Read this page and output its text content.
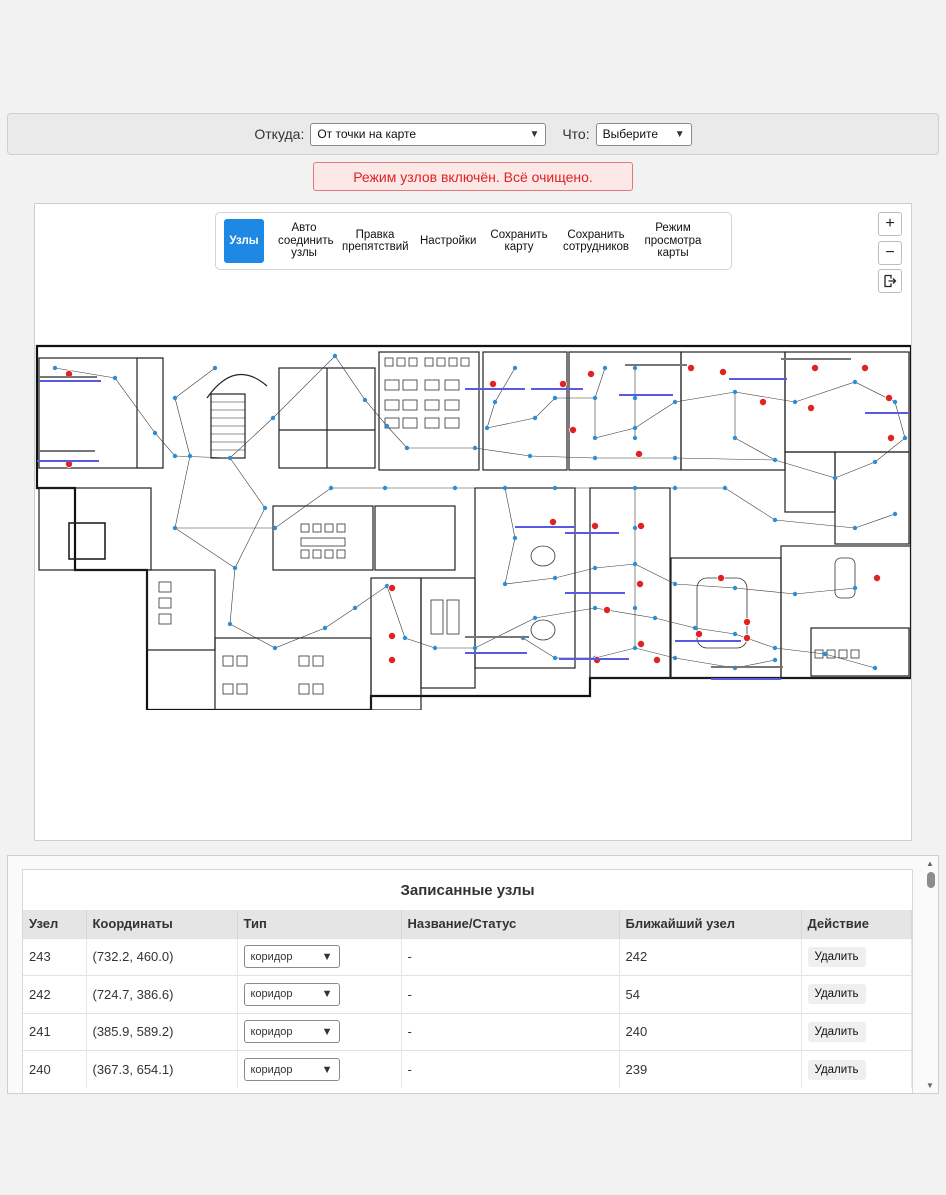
Откуда: От точки на карте	▼ Что: Выберите ▼
Режим узлов включён. Всё очищено.
Узлы
Авто соединить узлы
Правка препятствий
Настройки
Сохранить карту
Сохранить сотрудников
Режим просмотра карты
+
−
Записанные узлы
Узел	Координаты	Тип	Название/Статус	Ближайший узел	Действие
243	(732.2, 460.0)	коридор ▼	-	242	Удалить
242	(724.7, 386.6)	коридор ▼	-	54	Удалить
241	(385.9, 589.2)	коридор ▼	-	240	Удалить
240	(367.3, 654.1)	коридор ▼	-	239	Удалить
▲
▼
